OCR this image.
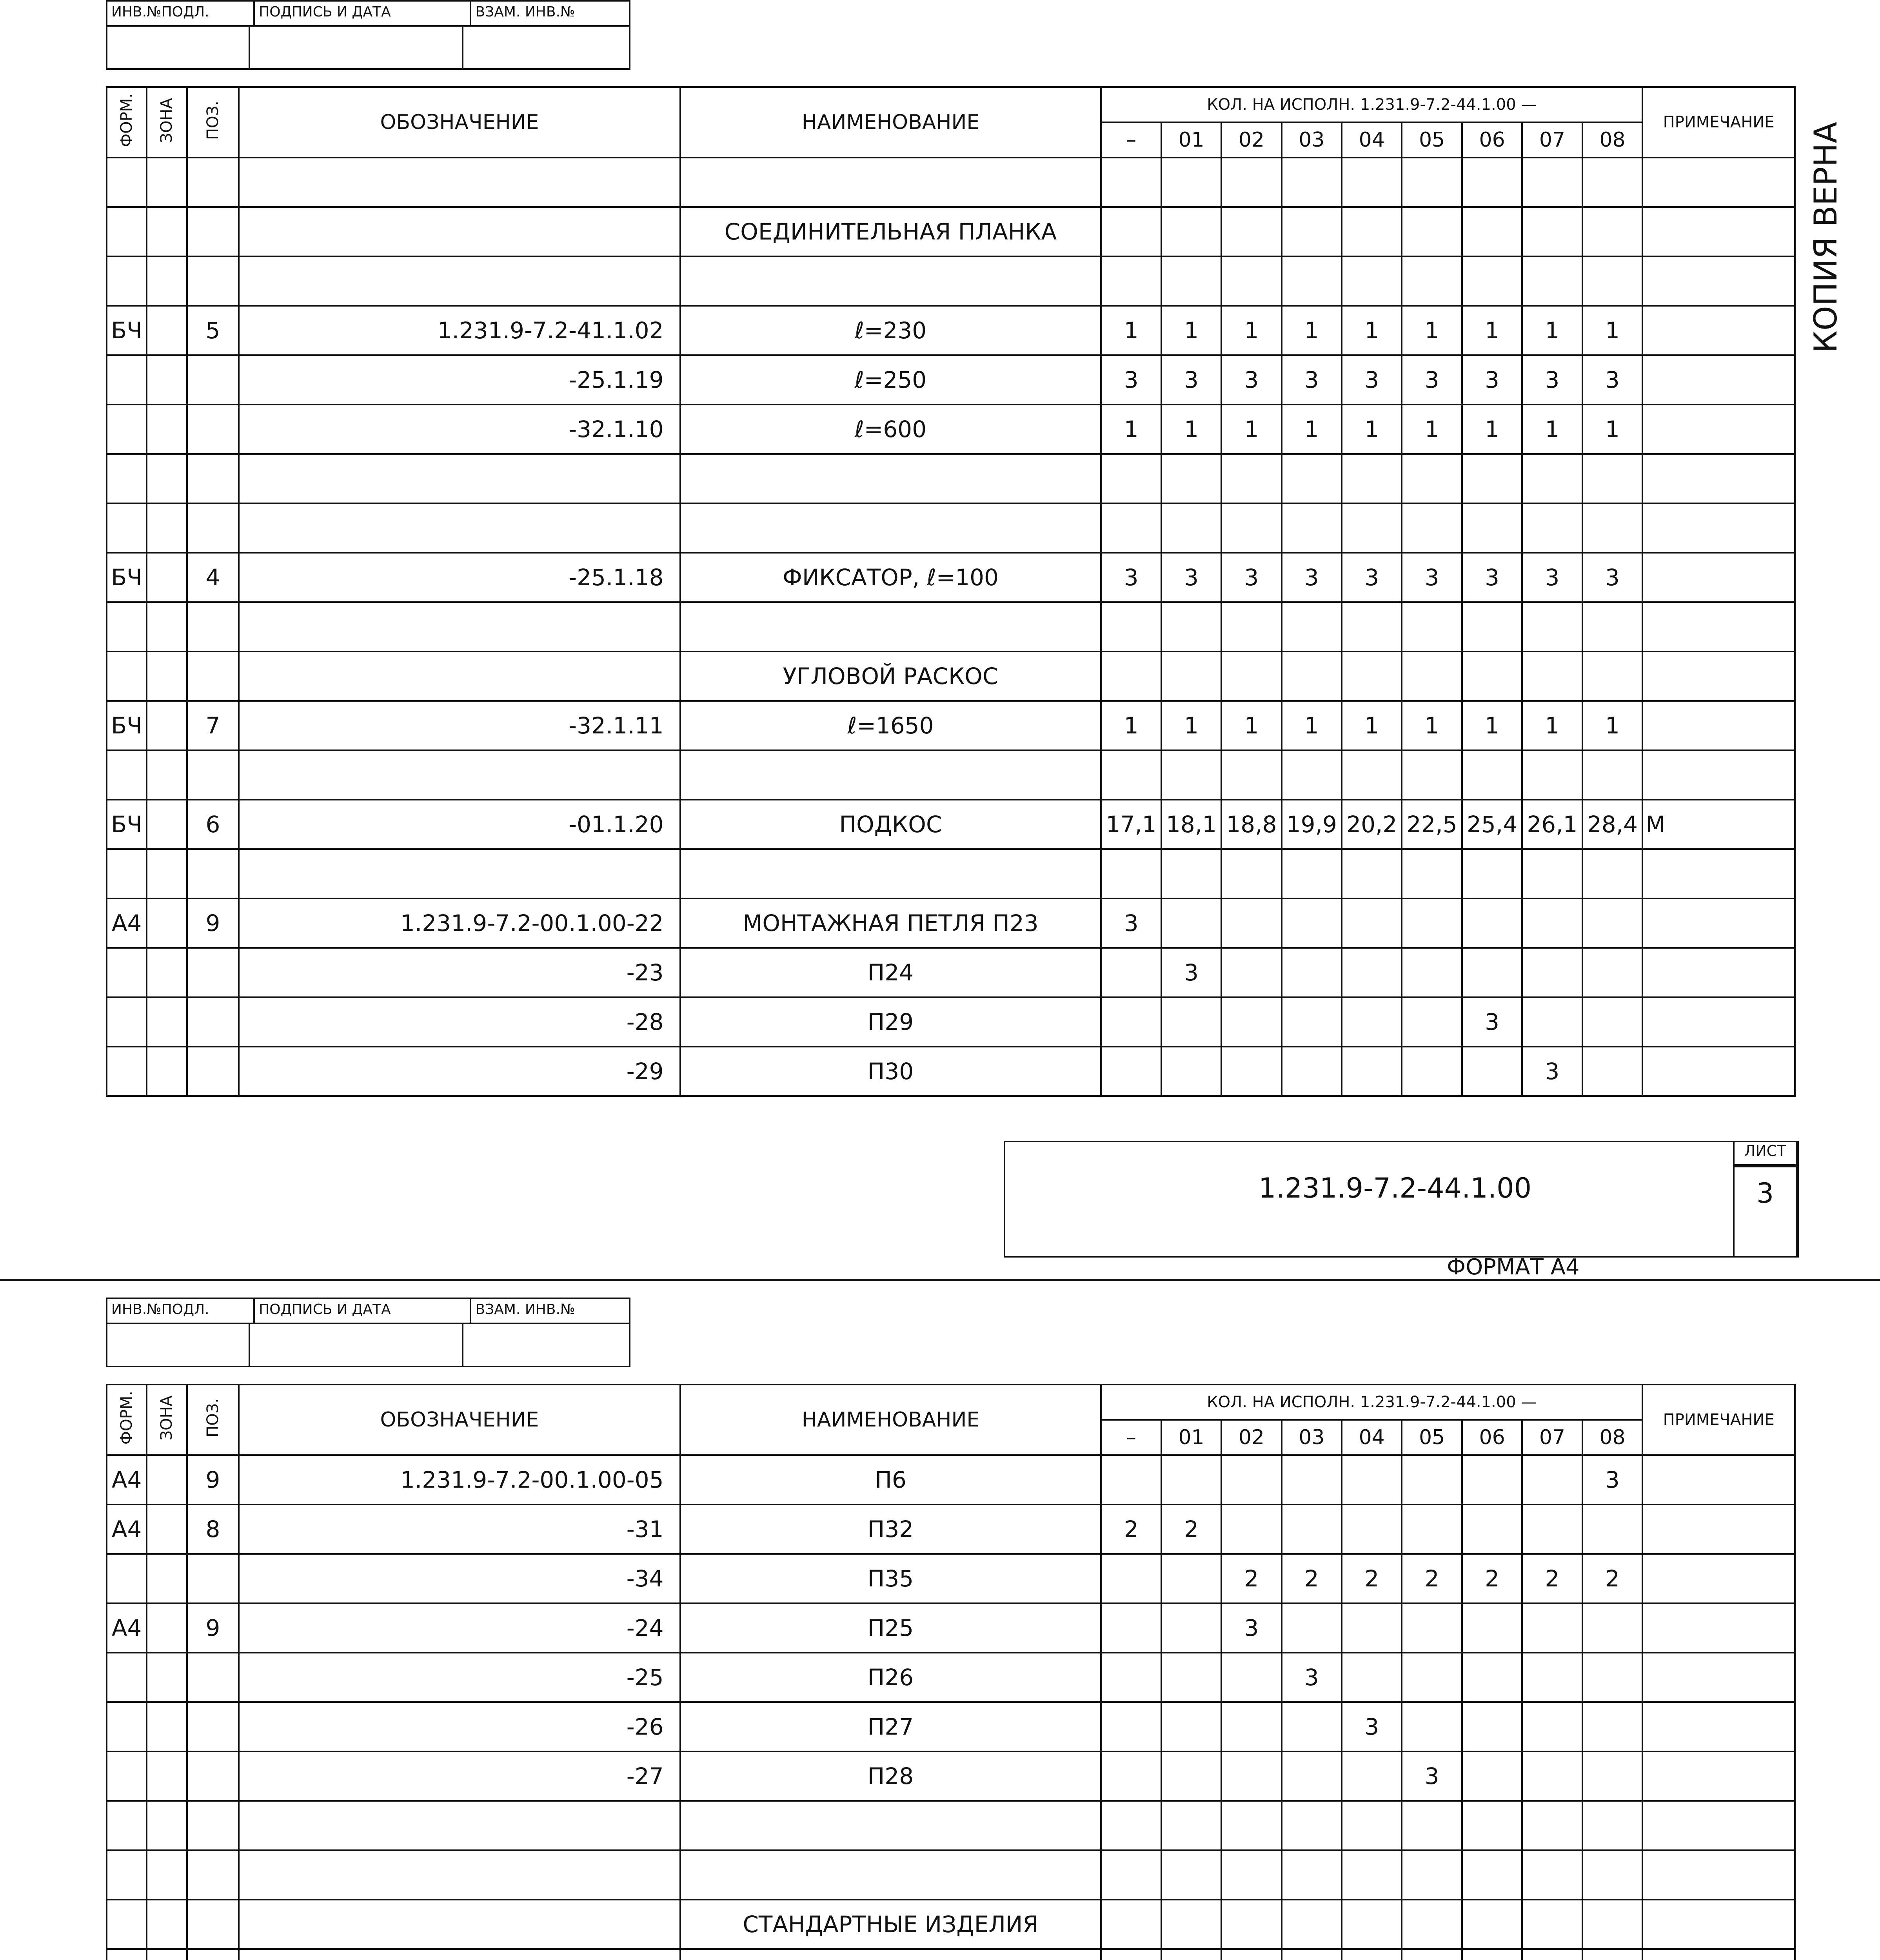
ИНВ.№ПОДЛ.	ПОДПИСЬ И ДАТА	ВЗАМ. ИНВ.№
ФОРМ.	ЗОНА	ПОЗ.	ОБОЗНАЧЕНИЕ	НАИМЕНОВАНИЕ	КОЛ. НА ИСПОЛН. 1.231.9-7.2-44.1.00 —									ПРИМЕЧАНИЕ
					–	01	02	03	04	05	06	07	08	

				СОЕДИНИТЕЛЬНАЯ ПЛАНКА										

БЧ		5	1.231.9-7.2-41.1.02	ℓ=230	1	1	1	1	1	1	1	1	1	
			-25.1.19	ℓ=250	3	3	3	3	3	3	3	3	3	
			-32.1.10	ℓ=600	1	1	1	1	1	1	1	1	1	

БЧ		4	-25.1.18	ФИКСАТОР, ℓ=100	3	3	3	3	3	3	3	3	3	

				УГЛОВОЙ РАСКОС										
БЧ		7	-32.1.11	ℓ=1650	1	1	1	1	1	1	1	1	1	

БЧ		6	-01.1.20	ПОДКОС	17,1	18,1	18,8	19,9	20,2	22,5	25,4	26,1	28,4	М

А4		9	1.231.9-7.2-00.1.00-22	МОНТАЖНАЯ ПЕТЛЯ П23	3									
			-23	П24		3								
			-28	П29							3			
			-29	П30								3		
1.231.9-7.2-44.1.00
ЛИСТ
3
ФОРМАТ А4
КОПИЯ ВЕРНА
ИНВ.№ПОДЛ.	ПОДПИСЬ И ДАТА	ВЗАМ. ИНВ.№
ФОРМ.	ЗОНА	ПОЗ.	ОБОЗНАЧЕНИЕ	НАИМЕНОВАНИЕ	КОЛ. НА ИСПОЛН. 1.231.9-7.2-44.1.00 —									ПРИМЕЧАНИЕ
					–	01	02	03	04	05	06	07	08	
А4		9	1.231.9-7.2-00.1.00-05	П6									3	
А4		8	-31	П32	2	2								
			-34	П35			2	2	2	2	2	2	2	
А4		9	-24	П25			3							
			-25	П26				3						
			-26	П27					3					
			-27	П28						3				

				СТАНДАРТНЫЕ ИЗДЕЛИЯ										
